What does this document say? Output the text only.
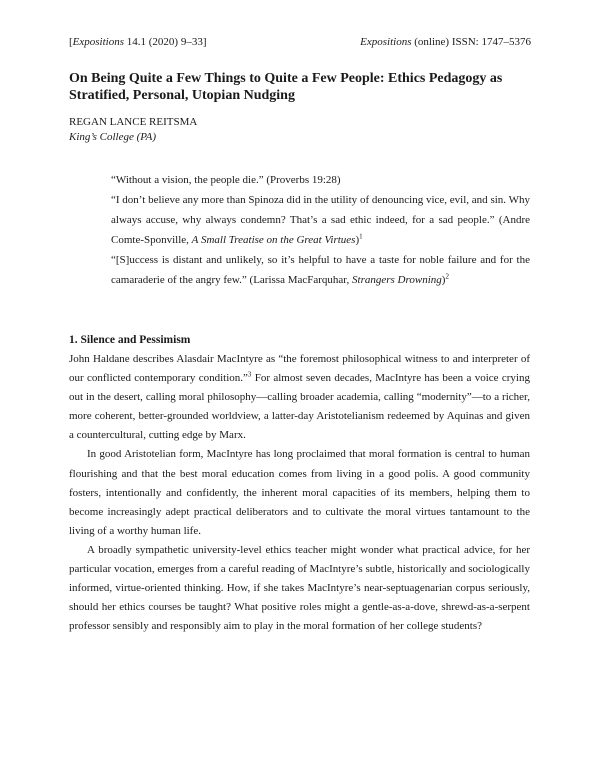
[Expositions 14.1 (2020) 9–33]	Expositions (online) ISSN: 1747–5376
On Being Quite a Few Things to Quite a Few People: Ethics Pedagogy as Stratified, Personal, Utopian Nudging
REGAN LANCE REITSMA
King’s College (PA)

“Without a vision, the people die.” (Proverbs 19:28)

“I don’t believe any more than Spinoza did in the utility of denouncing vice, evil, and sin. Why always accuse, why always condemn? That’s a sad ethic indeed, for a sad people.” (Andre Comte-Sponville, A Small Treatise on the Great Virtues)$^1$

“[S]uccess is distant and unlikely, so it’s helpful to have a taste for noble failure and for the camaraderie of the angry few.” (Larissa MacFarquhar, Strangers Drowning)$^2$

1. Silence and Pessimism

John Haldane describes Alasdair MacIntyre as “the foremost philosophical witness to and interpreter of our conflicted contemporary condition.”$^3$ For almost seven decades, MacIntyre has been a voice crying out in the desert, calling moral philosophy—calling broader academia, calling “modernity”—to a richer, more coherent, better-grounded worldview, a latter-day Aristotelianism redeemed by Aquinas and given a countercultural, cutting edge by Marx.

In good Aristotelian form, MacIntyre has long proclaimed that moral formation is central to human flourishing and that the best moral education comes from living in a good polis. A good community fosters, intentionally and confidently, the inherent moral capacities of its members, helping them to become increasingly adept practical deliberators and to cultivate the moral virtues tantamount to the living of a worthy human life.

A broadly sympathetic university-level ethics teacher might wonder what practical advice, for her particular vocation, emerges from a careful reading of MacIntyre’s subtle, historically and sociologically informed, virtue-oriented thinking. How, if she takes MacIntyre’s near-septuagenarian corpus seriously, should her ethics courses be taught? What positive roles might a gentle-as-a-dove, shrewd-as-a-serpent professor sensibly and responsibly aim to play in the moral formation of her college students?
